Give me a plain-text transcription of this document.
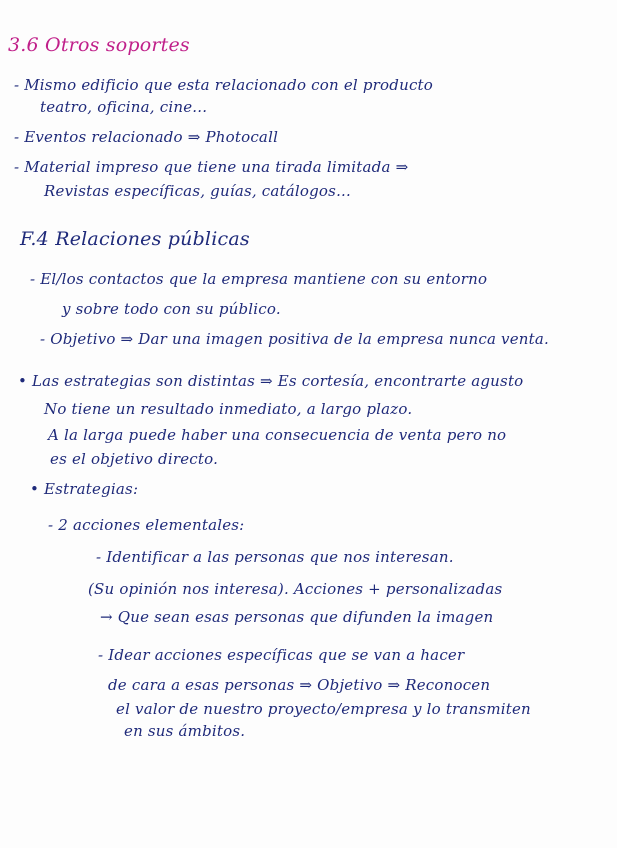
3.6 Otros soportes
- Mismo edificio que esta relacionado con el producto
teatro, oficina, cine...
- Eventos relacionado ⇒ Photocall
- Material impreso que tiene una tirada limitada ⇒
Revistas específicas, guías, catálogos...
F.4 Relaciones públicas
- El/los contactos que la empresa mantiene con su entorno
y sobre todo con su público.
- Objetivo ⇒ Dar una imagen positiva de la empresa nunca venta.
• Las estrategias son distintas ⇒ Es cortesía, encontrarte agusto
No tiene un resultado inmediato, a largo plazo.
A la larga puede haber una consecuencia de venta pero no
es el objetivo directo.
• Estrategias:
- 2 acciones elementales:
- Identificar a las personas que nos interesan.
(Su opinión nos interesa). Acciones + personalizadas
→ Que sean esas personas que difunden la imagen
- Idear acciones específicas que se van a hacer
de cara a esas personas ⇒ Objetivo ⇒ Reconocen
el valor de nuestro proyecto/empresa y lo transmiten
en sus ámbitos.
